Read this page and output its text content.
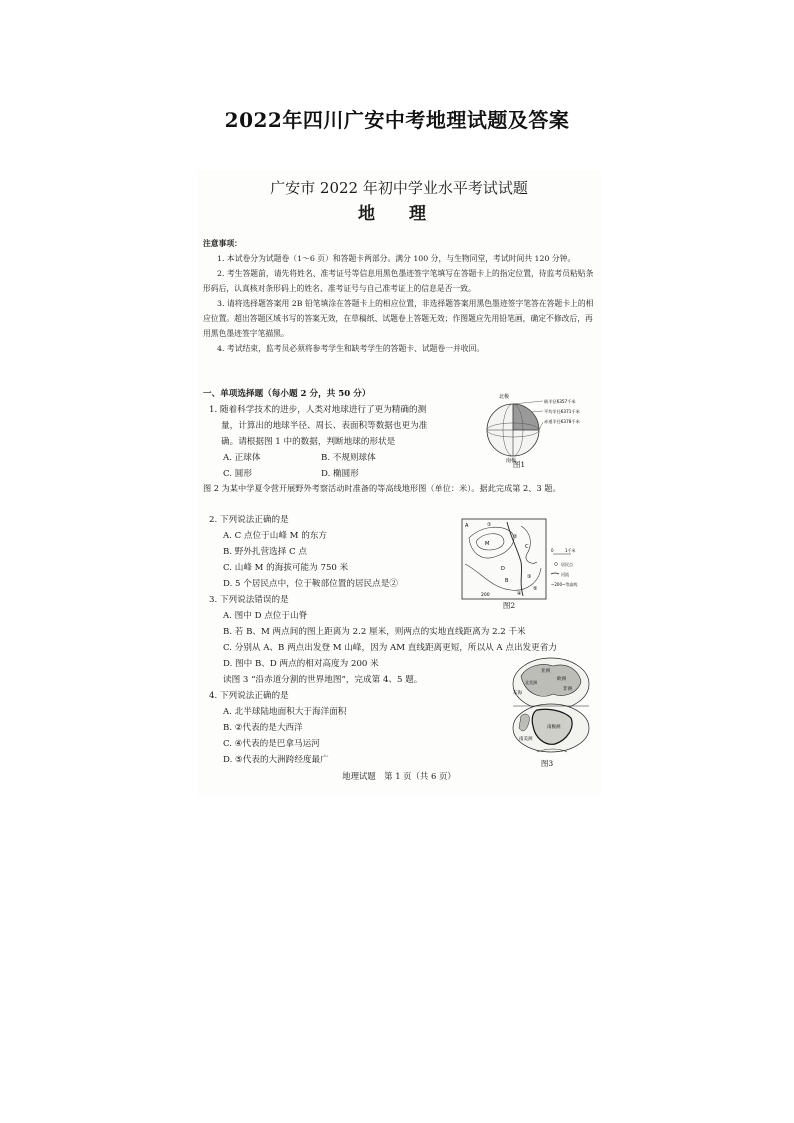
2022年四川广安中考地理试题及答案
广安市 2022 年初中学业水平考试试题
地 理
注意事项：

1. 本试卷分为试题卷（1～6 页）和答题卡两部分。满分 100 分，与生物同堂，考试时间共 120 分钟。

2. 考生答题前，请先将姓名、准考证号等信息用黑色墨迹签字笔填写在答题卡上的指定位置，待监考员粘贴条形码后，认真核对条形码上的姓名、准考证号与自己准考证上的信息是否一致。

3. 请将选择题答案用 2B 铅笔填涂在答题卡上的相应位置，非选择题答案用黑色墨迹签字笔答在答题卡上的相应位置。超出答题区域书写的答案无效，在草稿纸、试题卷上答题无效；作图题应先用铅笔画，确定不修改后，再用黑色墨迹签字笔描黑。

4. 考试结束，监考员必须将参考学生和缺考学生的答题卡、试题卷一并收回。

一、单项选择题（每小题 2 分，共 50 分）
1. 随着科学技术的进步，人类对地球进行了更为精确的测
量，计算出的地球半径、周长、表面积等数据也更为准
确。请根据图 1 中的数据，判断地球的形状是
A. 正球体	B. 不规则球体
C. 圆形	D. 椭圆形
北极
极半径6357千米
平均半径6371千米
赤道半径6378千米
南极
图1
图 2 为某中学夏令营开展野外考察活动时准备的等高线地形图（单位：米）。据此完成第 2、3 题。
2. 下列说法正确的是
A. C 点位于山峰 M 的东方
B. 野外扎营选择 C 点
C. 山峰 M 的海拔可能为 750 米
D. 5 个居民点中，位于鞍部位置的居民点是②
A	①
M
②
C
D
B
③
④
⑤
200
0	1千米
居民点
河流
~200~等高线
图2
3. 下列说法错误的是
A. 图中 D 点位于山脊
B. 若 B、M 两点间的图上距离为 2.2 厘米，则两点的实地直线距离为 2.2 千米
C. 分别从 A、B 两点出发登 M 山峰，因为 AM 直线距离更短，所以从 A 点出发更省力
D. 图中 B、D 两点的相对高度为 200 米
读图 3 “沿赤道分割的世界地图”，完成第 4、5 题。
4. 下列说法正确的是
A. 北半球陆地面积大于海洋面积
B. ②代表的是大西洋
C. ④代表的是巴拿马运河
D. ⑤代表的大洲跨经度最广
亚洲
欧洲
非洲
东海
北美洲
南极洲
南美洲
图3
地理试题　第 1 页（共 6 页）
